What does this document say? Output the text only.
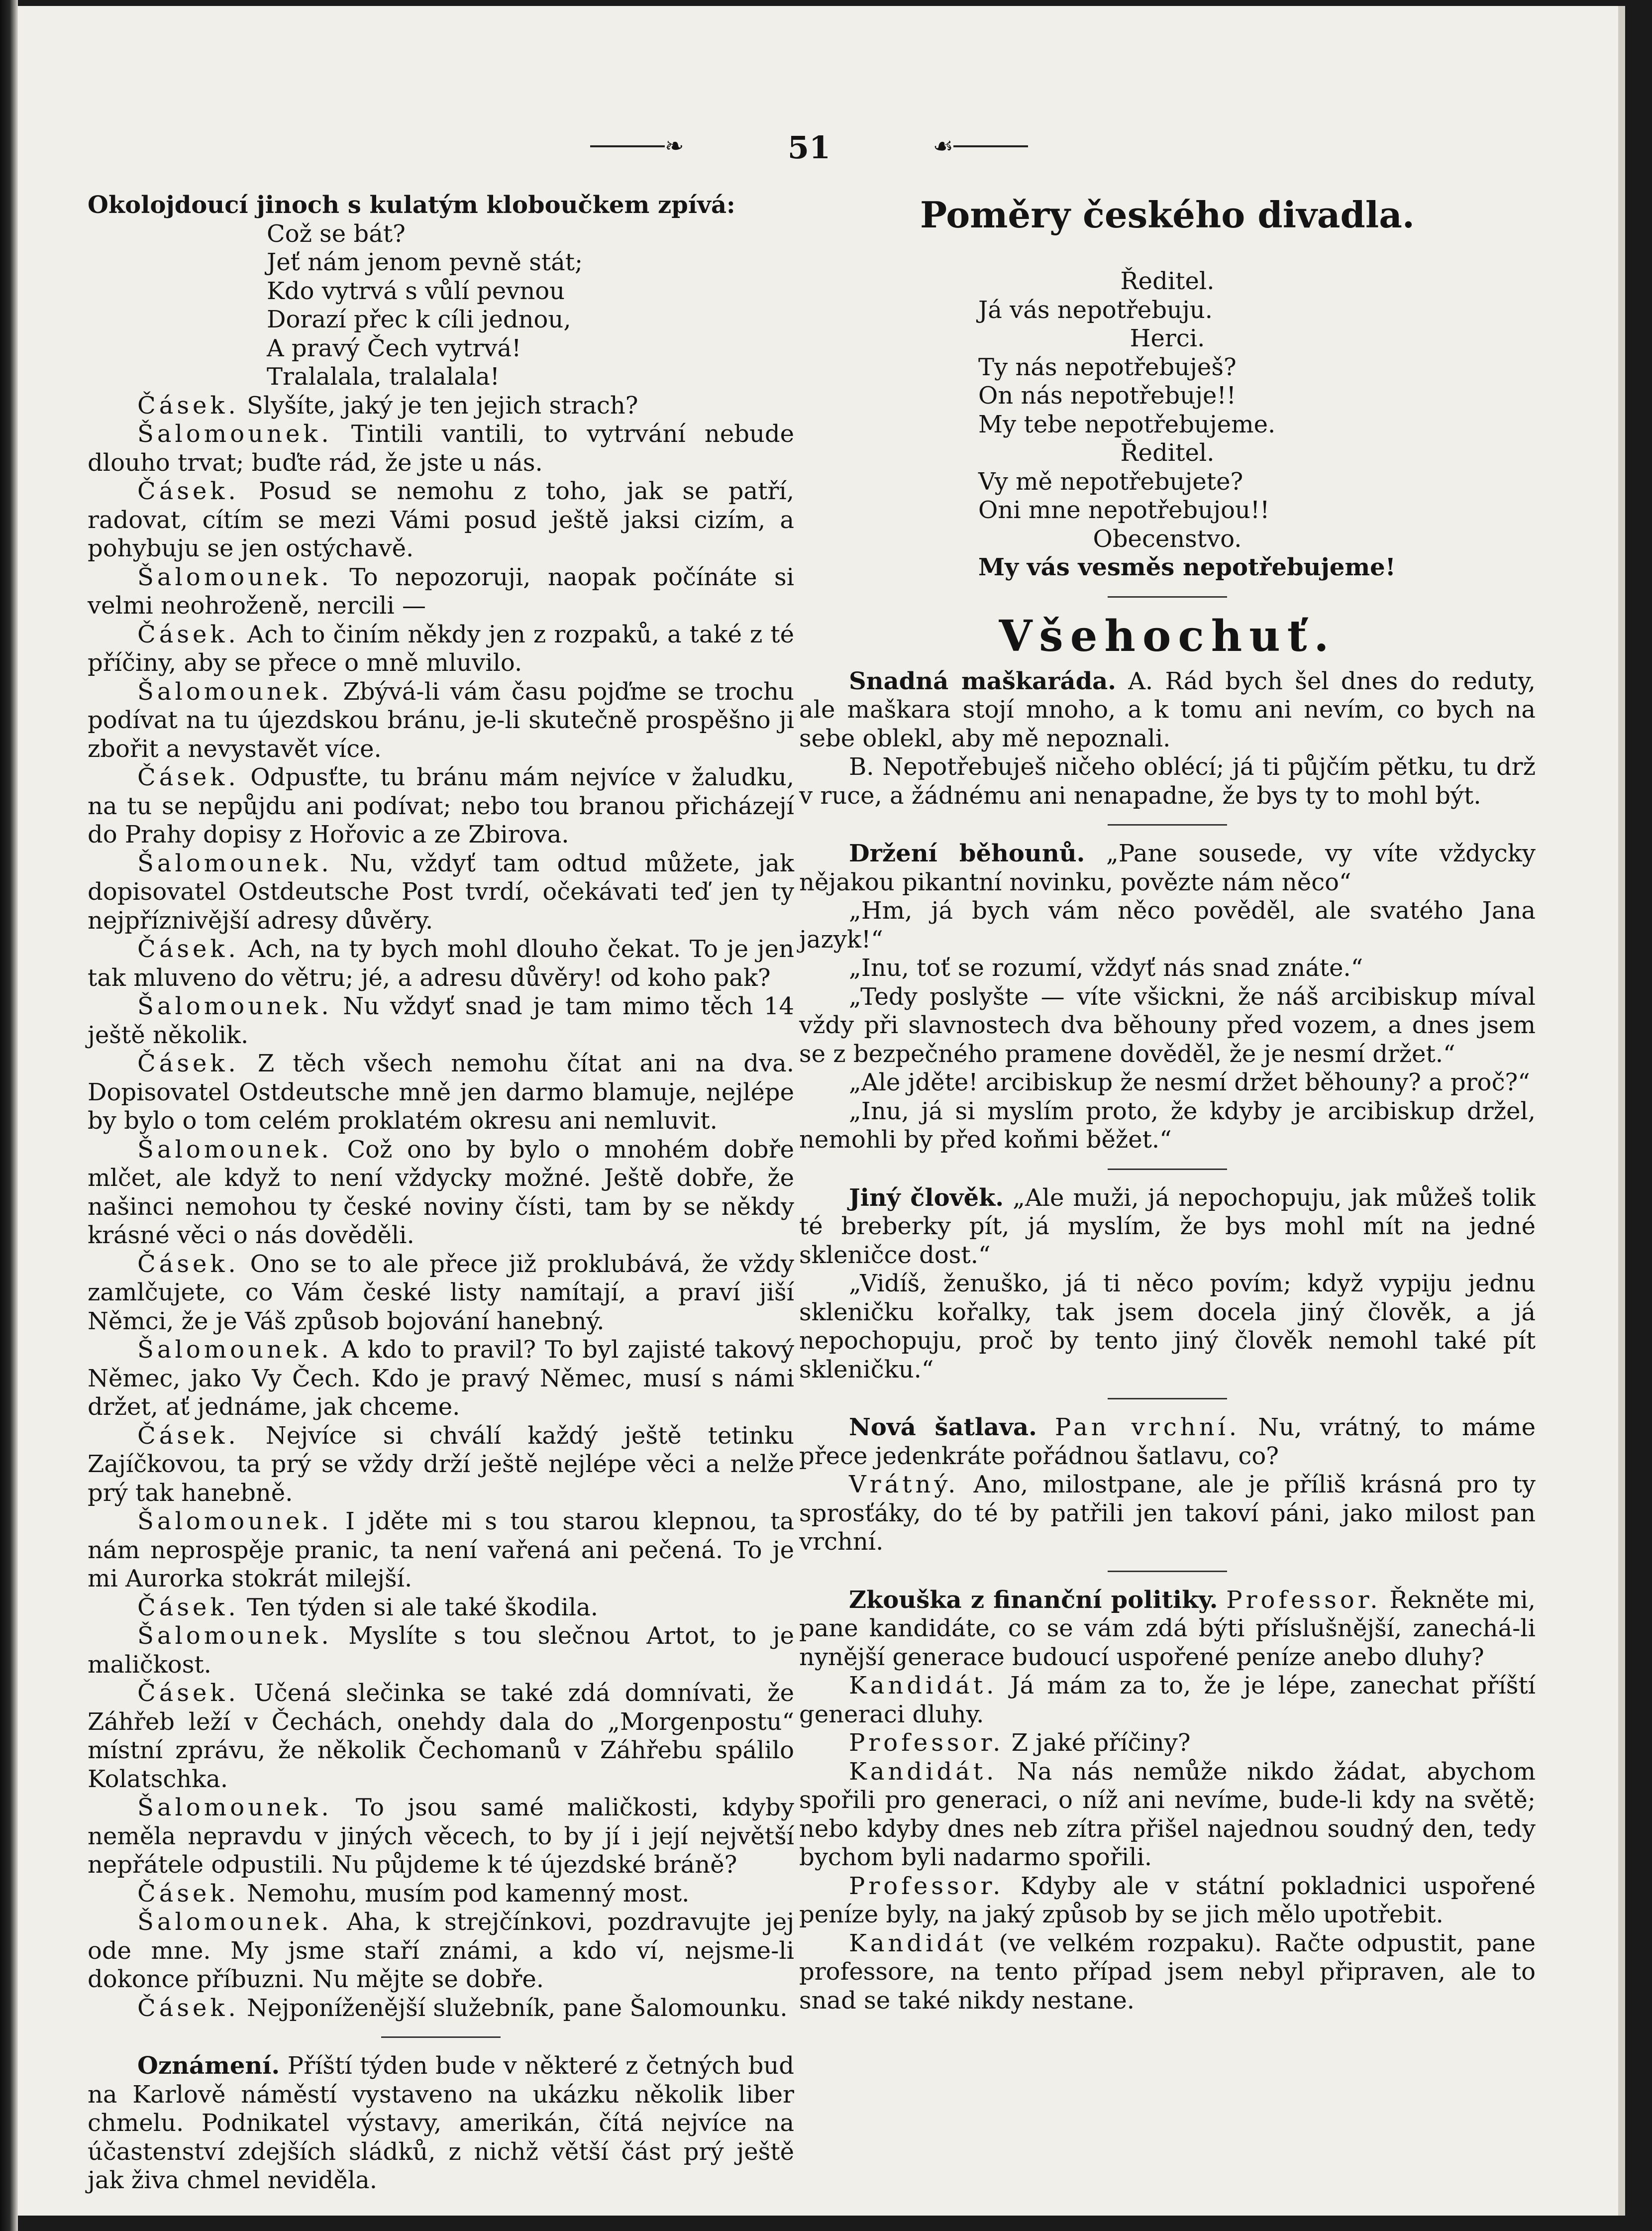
❧	51	☙

Okolojdoucí jinoch s kulatým kloboučkem zpívá:

Což se bát?
Jeť nám jenom pevně stát;
Kdo vytrvá s vůlí pevnou
Dorazí přec k cíli jednou,
A pravý Čech vytrvá!
Tralalala, tralalala!

Čásek. Slyšíte, jaký je ten jejich strach?

Šalomounek. Tintili vantili, to vytrvání nebude dlouho trvat; buďte rád, že jste u nás.

Čásek. Posud se nemohu z toho, jak se patří, radovat, cítím se mezi Vámi posud ještě jaksi cizím, a pohybuju se jen ostýchavě.

Šalomounek. To nepozoruji, naopak počínáte si velmi neohroženě, nercili —

Čásek. Ach to činím někdy jen z rozpaků, a také z té příčiny, aby se přece o mně mluvilo.

Šalomounek. Zbývá-li vám času pojďme se trochu podívat na tu újezdskou bránu, je-li skutečně prospěšno ji zbořit a nevystavět více.

Čásek. Odpusťte, tu bránu mám nejvíce v žaludku, na tu se nepůjdu ani podívat; nebo tou branou přicházejí do Prahy dopisy z Hořovic a ze Zbirova.

Šalomounek. Nu, vždyť tam odtud můžete, jak dopisovatel Ostdeutsche Post tvrdí, očekávati teď jen ty nejpříznivější adresy důvěry.

Čásek. Ach, na ty bych mohl dlouho čekat. To je jen tak mluveno do větru; jé, a adresu důvěry! od koho pak?

Šalomounek. Nu vždyť snad je tam mimo těch 14 ještě několik.

Čásek. Z těch všech nemohu čítat ani na dva. Dopisovatel Ostdeutsche mně jen darmo blamuje, nejlépe by bylo o tom celém proklatém okresu ani nemluvit.

Šalomounek. Což ono by bylo o mnohém dobře mlčet, ale když to není vždycky možné. Ještě dobře, že našinci nemohou ty české noviny čísti, tam by se někdy krásné věci o nás dověděli.

Čásek. Ono se to ale přece již proklubává, že vždy zamlčujete, co Vám české listy namítají, a praví jiší Němci, že je Váš způsob bojování hanebný.

Šalomounek. A kdo to pravil? To byl zajisté takový Němec, jako Vy Čech. Kdo je pravý Němec, musí s námi držet, ať jednáme, jak chceme.

Čásek. Nejvíce si chválí každý ještě tetinku Zajíčkovou, ta prý se vždy drží ještě nejlépe věci a nelže prý tak hanebně.

Šalomounek. I jděte mi s tou starou klepnou, ta nám neprospěje pranic, ta není vařená ani pečená. To je mi Aurorka stokrát milejší.

Čásek. Ten týden si ale také škodila.

Šalomounek. Myslíte s tou slečnou Artot, to je maličkost.

Čásek. Učená slečinka se také zdá domnívati, že Záhřeb leží v Čechách, onehdy dala do „Morgenpostu“ místní zprávu, že několik Čechomanů v Záhřebu spálilo Kolatschka.

Šalomounek. To jsou samé maličkosti, kdyby neměla nepravdu v jiných věcech, to by jí i její největší nepřátele odpustili. Nu půjdeme k té újezdské bráně?

Čásek. Nemohu, musím pod kamenný most.

Šalomounek. Aha, k strejčínkovi, pozdravujte jej ode mne. My jsme staří známi, a kdo ví, nejsme-li dokonce příbuzni. Nu mějte se dobře.

Čásek. Nejponíženější služebník, pane Šalomounku.

Oznámení. Příští týden bude v některé z četných bud na Karlově náměstí vystaveno na ukázku několik liber chmelu. Podnikatel výstavy, amerikán, čítá nejvíce na účastenství zdejších sládků, z nichž větší část prý ještě jak živa chmel neviděla.

Poměry českého divadla.
Ředitel.
Já vás nepotřebuju.
Herci.
Ty nás nepotřebuješ?
On nás nepotřebuje!!
My tebe nepotřebujeme.
Ředitel.
Vy mě nepotřebujete?
Oni mne nepotřebujou!!
Obecenstvo.
My vás vesměs nepotřebujeme!
Všehochuť.

Snadná maškaráda. A. Rád bych šel dnes do reduty, ale maškara stojí mnoho, a k tomu ani nevím, co bych na sebe oblekl, aby mě nepoznali.

B. Nepotřebuješ ničeho oblécí; já ti půjčím pětku, tu drž v ruce, a žádnému ani nenapadne, že bys ty to mohl být.

Držení běhounů. „Pane sousede, vy víte vždycky nějakou pikantní novinku, povězte nám něco“

„Hm, já bych vám něco pověděl, ale svatého Jana jazyk!“

„Inu, toť se rozumí, vždyť nás snad znáte.“

„Tedy poslyšte — víte všickni, že náš arcibiskup míval vždy při slavnostech dva běhouny před vozem, a dnes jsem se z bezpečného pramene dověděl, že je nesmí držet.“

„Ale jděte! arcibiskup že nesmí držet běhouny? a proč?“

„Inu, já si myslím proto, že kdyby je arcibiskup držel, nemohli by před koňmi běžet.“

Jiný člověk. „Ale muži, já nepochopuju, jak můžeš tolik té breberky pít, já myslím, že bys mohl mít na jedné skleničce dost.“

„Vidíš, ženuško, já ti něco povím; když vypiju jednu skleničku kořalky, tak jsem docela jiný člověk, a já nepochopuju, proč by tento jiný člověk nemohl také pít skleničku.“

Nová šatlava. Pan vrchní. Nu, vrátný, to máme přece jedenkráte pořádnou šatlavu, co?

Vrátný. Ano, milostpane, ale je příliš krásná pro ty sprosťáky, do té by patřili jen takoví páni, jako milost pan vrchní.

Zkouška z finanční politiky. Professor. Řekněte mi, pane kandidáte, co se vám zdá býti příslušnější, zanechá-li nynější generace budoucí uspořené peníze anebo dluhy?

Kandidát. Já mám za to, že je lépe, zanechat příští generaci dluhy.

Professor. Z jaké příčiny?

Kandidát. Na nás nemůže nikdo žádat, abychom spořili pro generaci, o níž ani nevíme, bude-li kdy na světě; nebo kdyby dnes neb zítra přišel najednou soudný den, tedy bychom byli nadarmo spořili.

Professor. Kdyby ale v státní pokladnici uspořené peníze byly, na jaký způsob by se jich mělo upotřebit.

Kandidát (ve velkém rozpaku). Račte odpustit, pane professore, na tento případ jsem nebyl připraven, ale to snad se také nikdy nestane.
